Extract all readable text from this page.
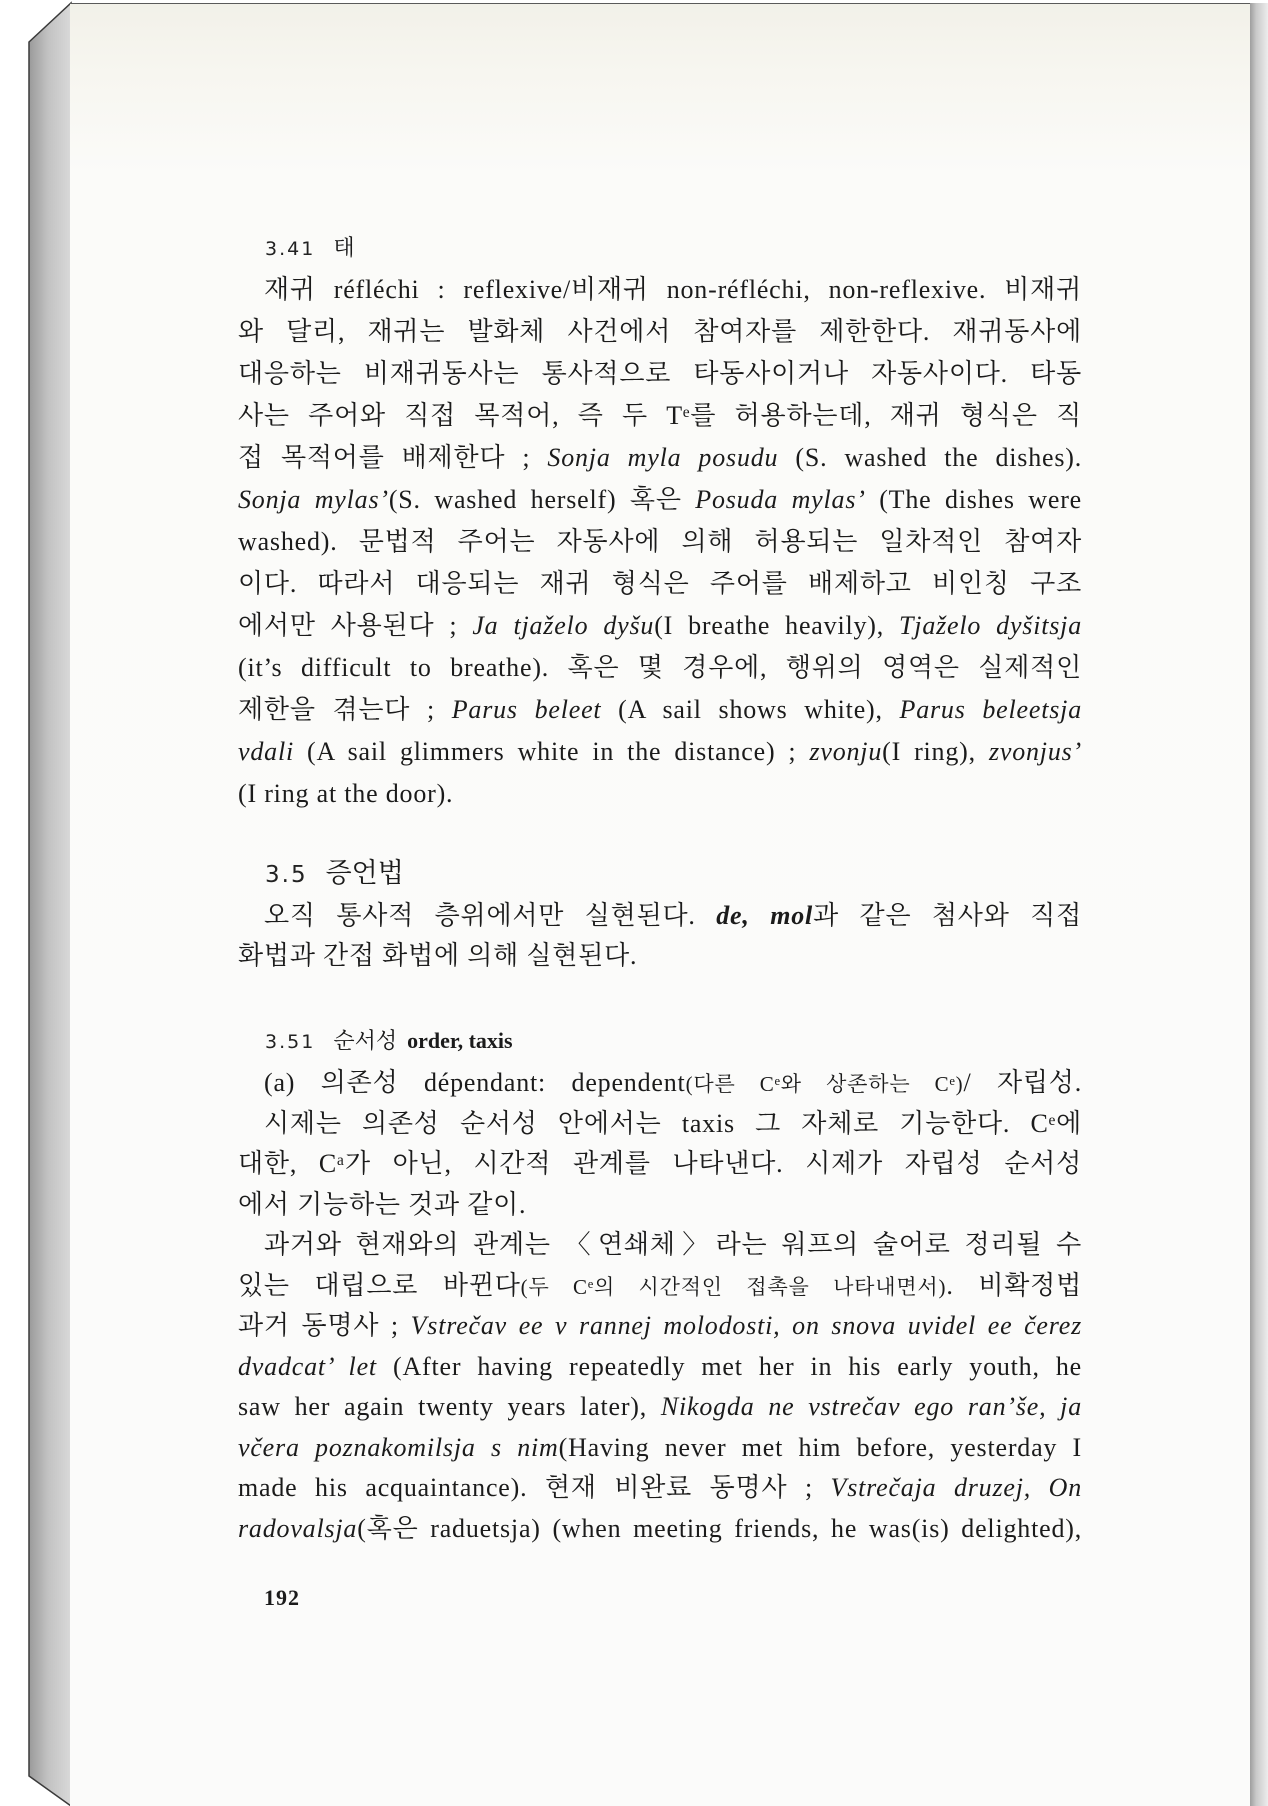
3.41 태
재귀 réfléchi : reflexive/비재귀 non-réfléchi, non-reflexive. 비재귀
와 달리, 재귀는 발화체 사건에서 참여자를 제한한다. 재귀동사에
대응하는 비재귀동사는 통사적으로 타동사이거나 자동사이다. 타동
사는 주어와 직접 목적어, 즉 두 Tᵉ를 허용하는데, 재귀 형식은 직
접 목적어를 배제한다 ; Sonja myla posudu (S. washed the dishes).
Sonja mylas’(S. washed herself) 혹은 Posuda mylas’ (The dishes were
washed). 문법적 주어는 자동사에 의해 허용되는 일차적인 참여자
이다. 따라서 대응되는 재귀 형식은 주어를 배제하고 비인칭 구조
에서만 사용된다 ; Ja tjaželo dyšu(I breathe heavily), Tjaželo dyšitsja
(it’s difficult to breathe). 혹은 몇 경우에, 행위의 영역은 실제적인
제한을 겪는다 ; Parus beleet (A sail shows white), Parus beleetsja
vdali (A sail glimmers white in the distance) ; zvonju(I ring), zvonjus’
(I ring at the door).
3.5 증언법
오직 통사적 층위에서만 실현된다. de, mol과 같은 첨사와 직접
화법과 간접 화법에 의해 실현된다.
3.51 순서성 order, taxis
(a) 의존성 dépendant: dependent(다른 Cᵉ와 상존하는 Cᵉ)/ 자립성.
시제는 의존성 순서성 안에서는 taxis 그 자체로 기능한다. Cᵉ에
대한, Cᵃ가 아닌, 시간적 관계를 나타낸다. 시제가 자립성 순서성
에서 기능하는 것과 같이.
과거와 현재와의 관계는 〈연쇄체〉라는 워프의 술어로 정리될 수
있는 대립으로 바뀐다(두 Cᵉ의 시간적인 접촉을 나타내면서). 비확정법
과거 동명사 ; Vstrečav ee v rannej molodosti, on snova uvidel ee čerez
dvadcat’ let (After having repeatedly met her in his early youth, he
saw her again twenty years later), Nikogda ne vstrečav ego ran’še, ja
včera poznakomilsja s nim(Having never met him before, yesterday I
made his acquaintance). 현재 비완료 동명사 ; Vstrečaja druzej, On
radovalsja(혹은 raduetsja) (when meeting friends, he was(is) delighted),
192
